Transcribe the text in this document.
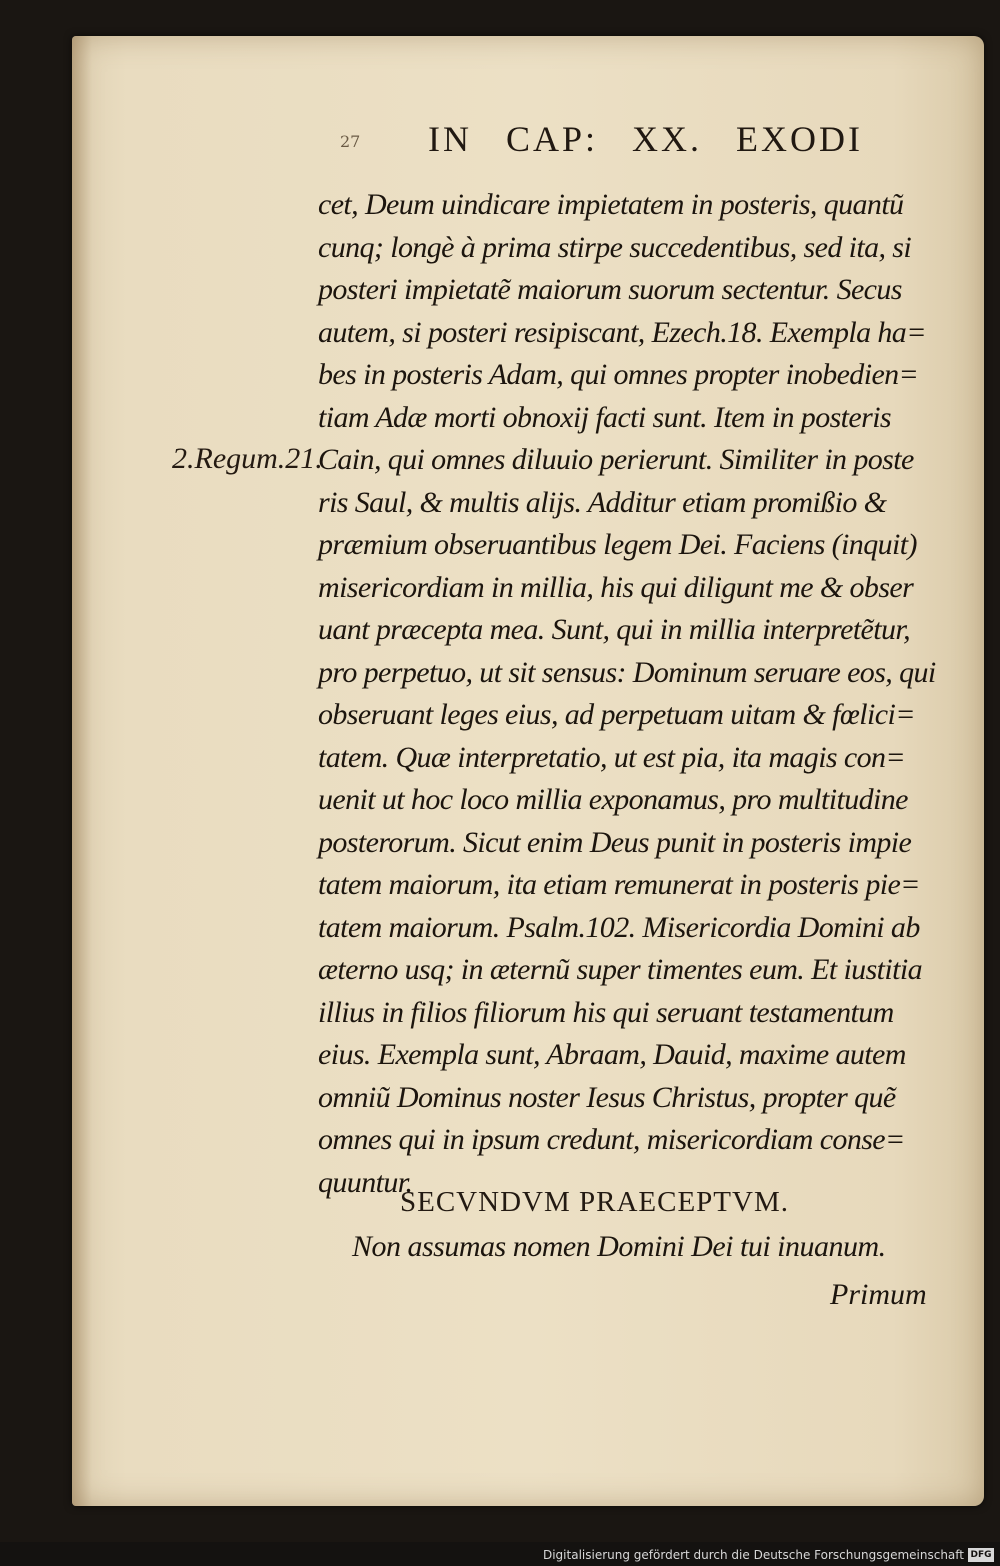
27 IN CAP: XX. EXODI
2.Regum.21.
cet, Deum uindicare impietatem in posteris, quantũ
cunq; longè à prima stirpe succedentibus, sed ita, si
posteri impietatẽ maiorum suorum sectentur. Secus
autem, si posteri resipiscant, Ezech.18. Exempla ha=
bes in posteris Adam, qui omnes propter inobedien=
tiam Adæ morti obnoxij facti sunt. Item in posteris
Cain, qui omnes diluuio perierunt. Similiter in poste
ris Saul, & multis alijs. Additur etiam promißio &
præmium obseruantibus legem Dei. Faciens (inquit)
misericordiam in millia, his qui diligunt me & obser
uant præcepta mea. Sunt, qui in millia interpretẽtur,
pro perpetuo, ut sit sensus: Dominum seruare eos, qui
obseruant leges eius, ad perpetuam uitam & fœlici=
tatem. Quæ interpretatio, ut est pia, ita magis con=
uenit ut hoc loco millia exponamus, pro multitudine
posterorum. Sicut enim Deus punit in posteris impie
tatem maiorum, ita etiam remunerat in posteris pie=
tatem maiorum. Psalm.102. Misericordia Domini ab
æterno usq; in æternũ super timentes eum. Et iustitia
illius in filios filiorum his qui seruant testamentum
eius. Exempla sunt, Abraam, Dauid, maxime autem
omniũ Dominus noster Iesus Christus, propter quẽ
omnes qui in ipsum credunt, misericordiam conse=
quuntur.
SECVNDVM PRAECEPTVM.
Non assumas nomen Domini Dei tui inuanum.
Primum
Digitalisierung gefördert durch die Deutsche Forschungsgemeinschaft DFG
